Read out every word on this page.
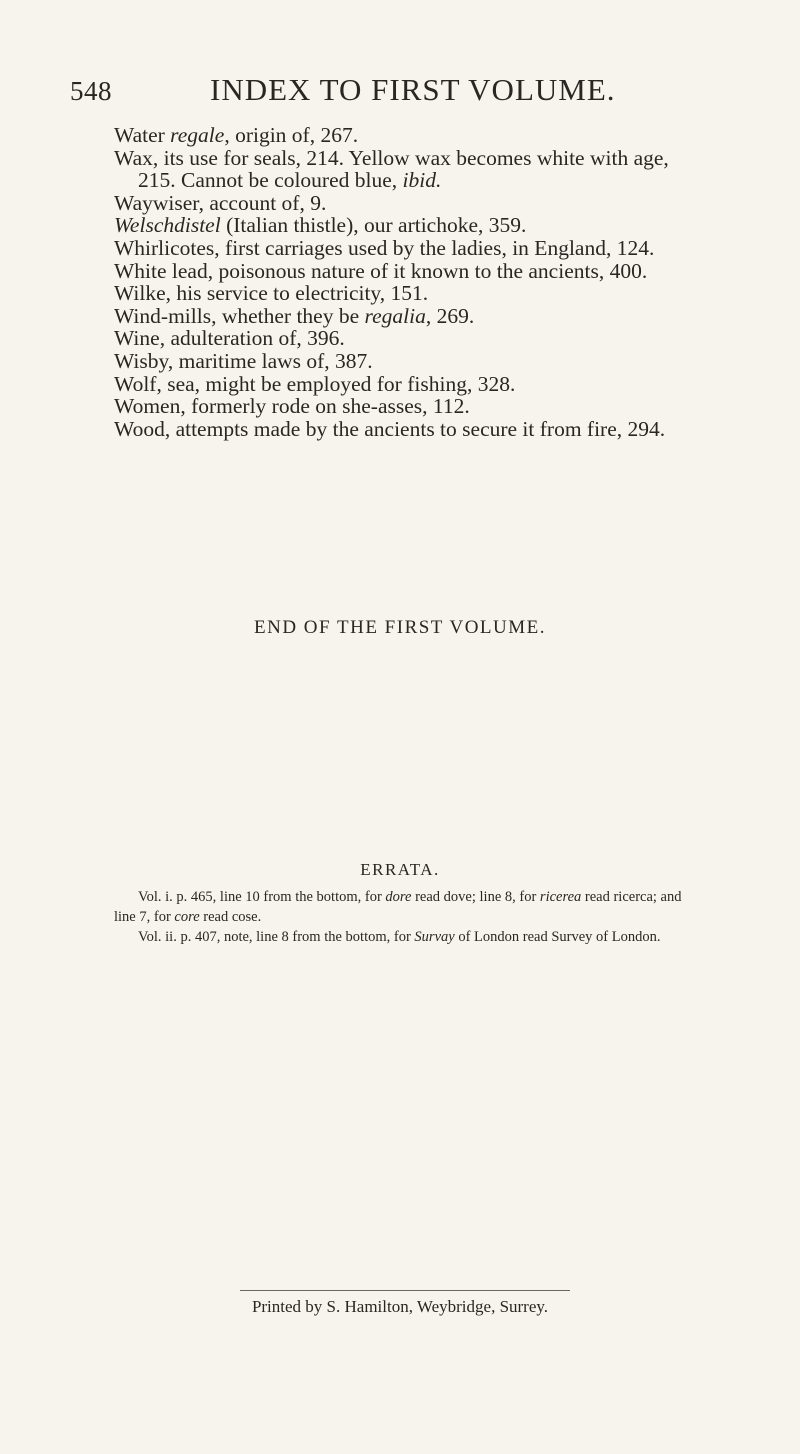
548	INDEX TO FIRST VOLUME.

Water regale, origin of, 267.

Wax, its use for seals, 214. Yellow wax becomes white with age, 215. Cannot be coloured blue, ibid.

Waywiser, account of, 9.

Welschdistel (Italian thistle), our artichoke, 359.

Whirlicotes, first carriages used by the ladies, in England, 124.

White lead, poisonous nature of it known to the ancients, 400.

Wilke, his service to electricity, 151.

Wind-mills, whether they be regalia, 269.

Wine, adulteration of, 396.

Wisby, maritime laws of, 387.

Wolf, sea, might be employed for fishing, 328.

Women, formerly rode on she-asses, 112.

Wood, attempts made by the ancients to secure it from fire, 294.

END OF THE FIRST VOLUME.
ERRATA.

Vol. i. p. 465, line 10 from the bottom, for dore read dove; line 8, for ricerea read ricerca; and line 7, for core read cose.

Vol. ii. p. 407, note, line 8 from the bottom, for Survay of London read Survey of London.

Printed by S. Hamilton, Weybridge, Surrey.
